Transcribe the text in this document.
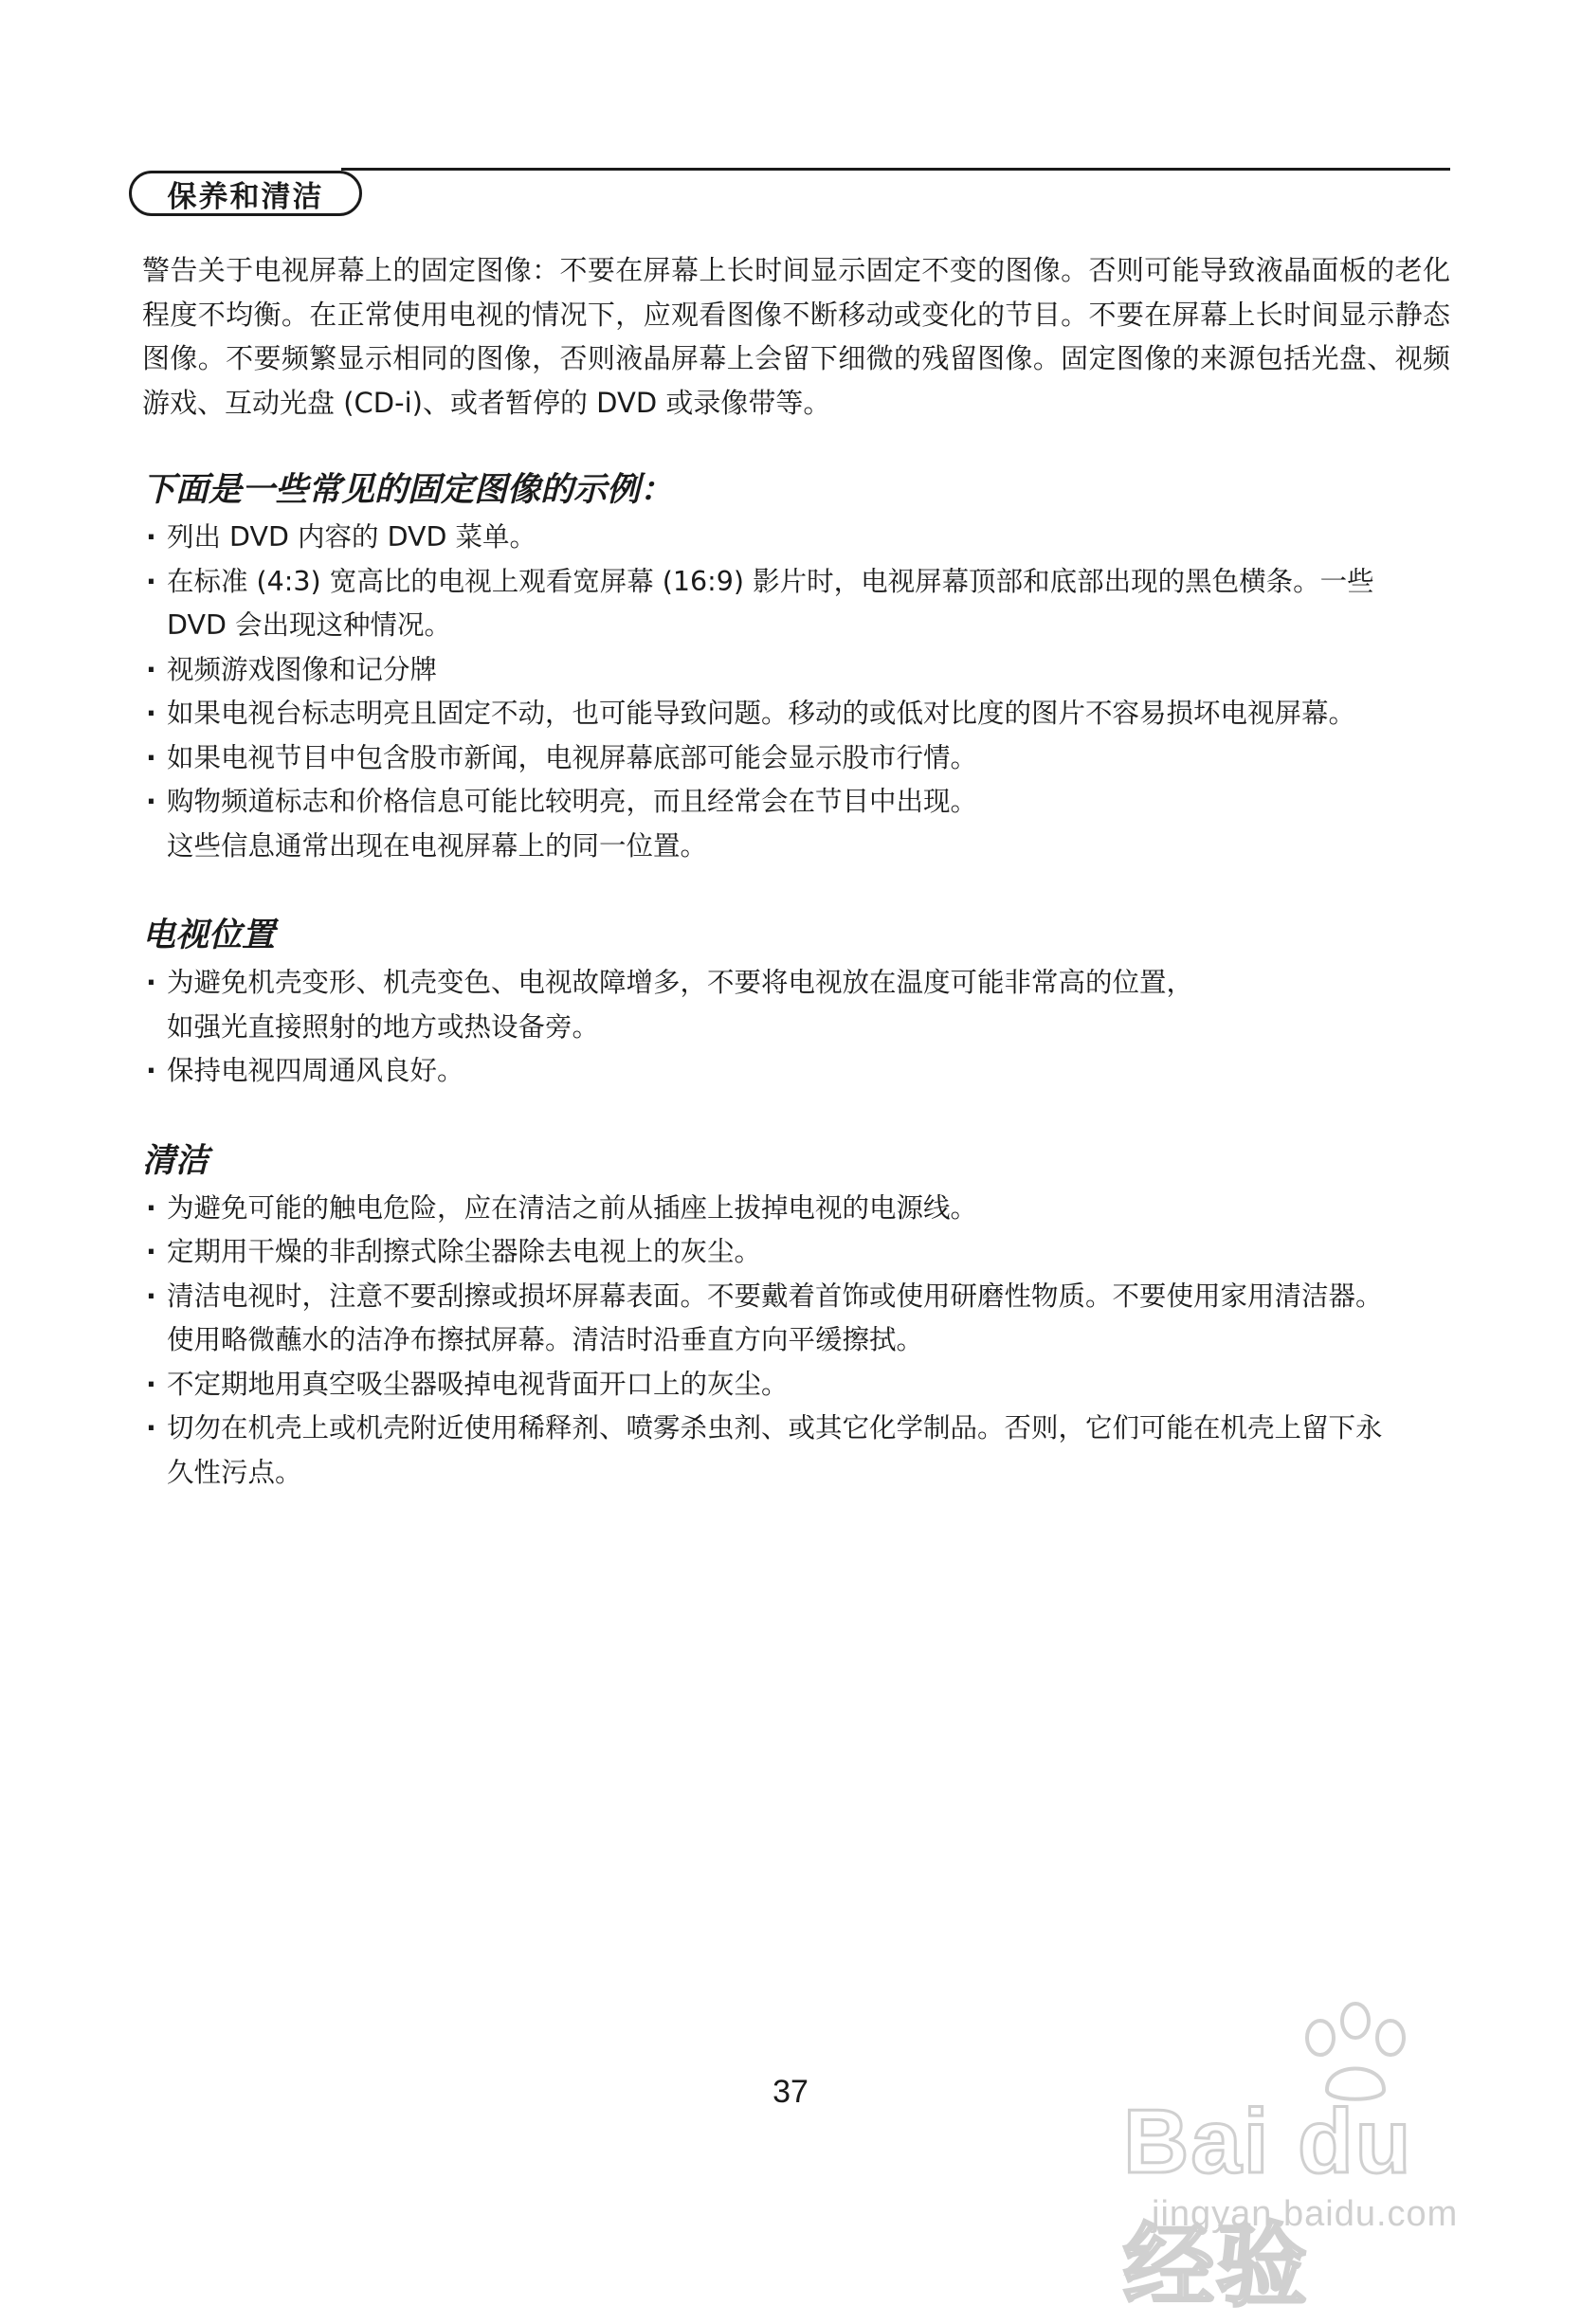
保养和清洁

警告关于电视屏幕上的固定图像：不要在屏幕上长时间显示固定不变的图像。否则可能导致液晶面板的老化程度不均衡。在正常使用电视的情况下，应观看图像不断移动或变化的节目。不要在屏幕上长时间显示静态图像。不要频繁显示相同的图像，否则液晶屏幕上会留下细微的残留图像。固定图像的来源包括光盘、视频游戏、互动光盘 (CD-i)、或者暂停的 DVD 或录像带等。

下面是一些常见的固定图像的示例：
· 列出 DVD 内容的 DVD 菜单。
· 在标准 (4:3) 宽高比的电视上观看宽屏幕 (16:9) 影片时，电视屏幕顶部和底部出现的黑色横条。一些
DVD 会出现这种情况。
· 视频游戏图像和记分牌
· 如果电视台标志明亮且固定不动，也可能导致问题。移动的或低对比度的图片不容易损坏电视屏幕。
· 如果电视节目中包含股市新闻，电视屏幕底部可能会显示股市行情。
· 购物频道标志和价格信息可能比较明亮，而且经常会在节目中出现。
这些信息通常出现在电视屏幕上的同一位置。
电视位置
· 为避免机壳变形、机壳变色、电视故障增多，不要将电视放在温度可能非常高的位置，
如强光直接照射的地方或热设备旁。
· 保持电视四周通风良好。
清洁
· 为避免可能的触电危险，应在清洁之前从插座上拔掉电视的电源线。
· 定期用干燥的非刮擦式除尘器除去电视上的灰尘。
· 清洁电视时，注意不要刮擦或损坏屏幕表面。不要戴着首饰或使用研磨性物质。不要使用家用清洁器。
使用略微蘸水的洁净布擦拭屏幕。清洁时沿垂直方向平缓擦拭。
· 不定期地用真空吸尘器吸掉电视背面开口上的灰尘。
· 切勿在机壳上或机壳附近使用稀释剂、喷雾杀虫剂、或其它化学制品。否则，它们可能在机壳上留下永
久性污点。
37	Bai du 经验
jingyan.baidu.com
